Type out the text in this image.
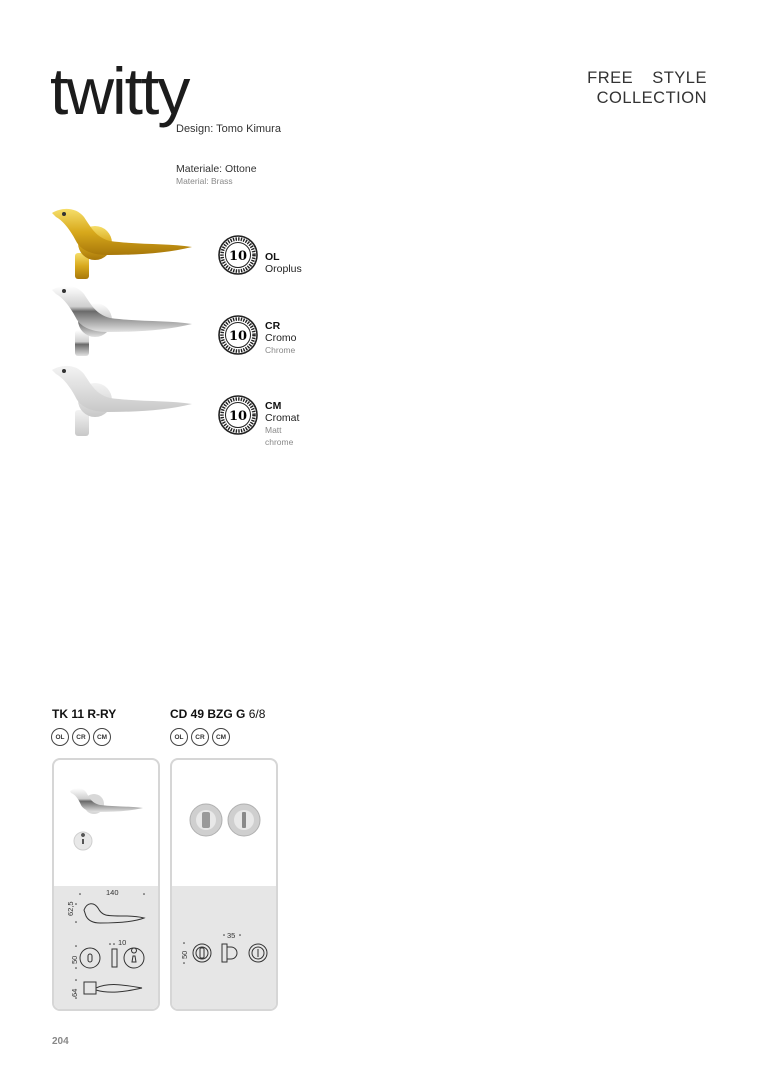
twitty
Design: Tomo Kimura
FREE STYLE
COLLECTION
Materiale: Ottone
Material: Brass
10 OL
Oroplus
10
CR
Cromo
Chrome
10
CM
Cromat
Matt chrome
TK 11 R-RY
OL	CR	CM
140
62,5
10
50
64
CD 49 BZG G 6/8
OL	CR	CM
35
50
204
